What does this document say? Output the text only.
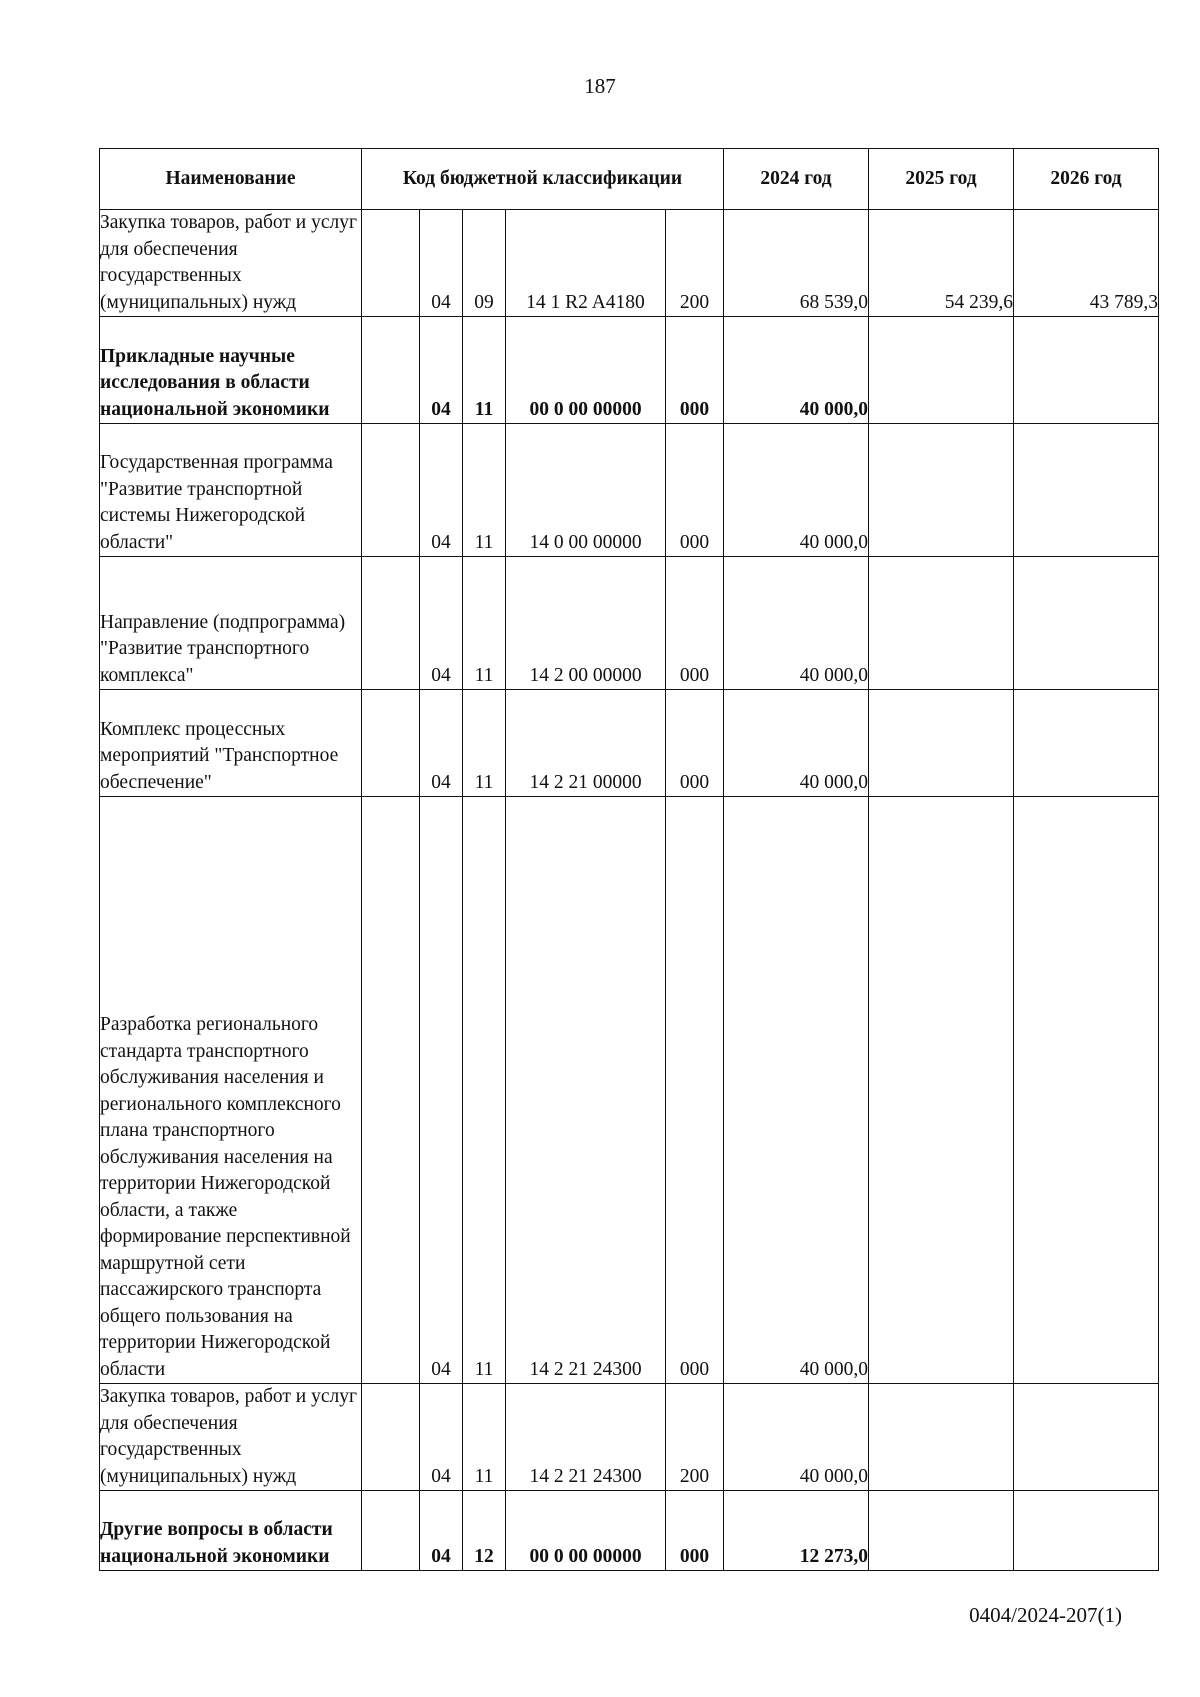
187
Наименование	Код бюджетной классификации					2024 год	2025 год	2026 год
Закупка товаров, работ и услуг для обеспечения государственных (муниципальных) нужд		04	09	14 1 R2 A4180	200	68 539,0	54 239,6	43 789,3
Прикладные научные исследования в области национальной экономики		04	11	00 0 00 00000	000	40 000,0		
Государственная программа "Развитие транспортной системы Нижегородской области"		04	11	14 0 00 00000	000	40 000,0		
Направление (подпрограмма) "Развитие транспортного комплекса"		04	11	14 2 00 00000	000	40 000,0		
Комплекс процессных мероприятий "Транспортное обеспечение"		04	11	14 2 21 00000	000	40 000,0		
Разработка регионального стандарта транспортного обслуживания населения и регионального комплексного плана транспортного обслуживания населения на территории Нижегородской области, а также формирование перспективной маршрутной сети пассажирского транспорта общего пользования на территории Нижегородской области		04	11	14 2 21 24300	000	40 000,0		
Закупка товаров, работ и услуг для обеспечения государственных (муниципальных) нужд		04	11	14 2 21 24300	200	40 000,0		
Другие вопросы в области национальной экономики		04	12	00 0 00 00000	000	12 273,0		
0404/2024-207(1)
